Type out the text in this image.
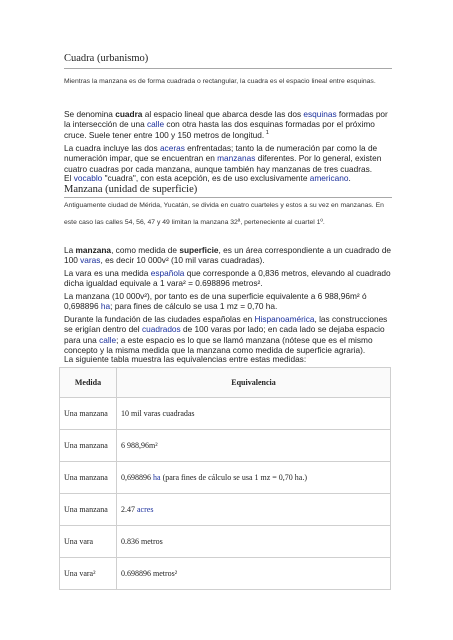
Cuadra (urbanismo)
Mientras la manzana es de forma cuadrada o rectangular, la cuadra es el espacio lineal entre esquinas.

Se denomina cuadra al espacio lineal que abarca desde las dos esquinas formadas por la intersección de una calle con otra hasta las dos esquinas formadas por el próximo cruce. Suele tener entre 100 y 150 metros de longitud. $^1$

La cuadra incluye las dos aceras enfrentadas; tanto la de numeración par como la de numeración impar, que se encuentran en manzanas diferentes. Por lo general, existen cuatro cuadras por cada manzana, aunque también hay manzanas de tres cuadras.

El vocablo "cuadra", con esta acepción, es de uso exclusivamente americano.

Manzana (unidad de superficie)
Antiguamente ciudad de Mérida, Yucatán, se divida en cuatro cuarteles y estos a su vez en manzanas. En este caso las calles 54, 56, 47 y 49 limitan la manzana 32ª, perteneciente al cuartel 1º.

La manzana, como medida de superficie, es un área correspondiente a un cuadrado de 100 varas, es decir 10 000v² (10 mil varas cuadradas).

La vara es una medida española que corresponde a 0,836 metros, elevando al cuadrado dicha igualdad equivale a 1 vara² = 0.698896 metros².

La manzana (10 000v²), por tanto es de una superficie equivalente a 6 988,96m² ó 0,698896 ha; para fines de cálculo se usa 1 mz = 0,70 ha.

Durante la fundación de las ciudades españolas en Hispanoamérica, las construcciones se erigían dentro del cuadrados de 100 varas por lado; en cada lado se dejaba espacio para una calle; a este espacio es lo que se llamó manzana (nótese que es el mismo concepto y la misma medida que la manzana como medida de superficie agraria).

La siguiente tabla muestra las equivalencias entre estas medidas:

Medida	Equivalencia
Una manzana	10 mil varas cuadradas
Una manzana	6 988,96m²
Una manzana	0,698896 ha (para fines de cálculo se usa 1 mz = 0,70 ha.)
Una manzana	2.47 acres
Una vara	0.836 metros
Una vara²	0.698896 metros²
